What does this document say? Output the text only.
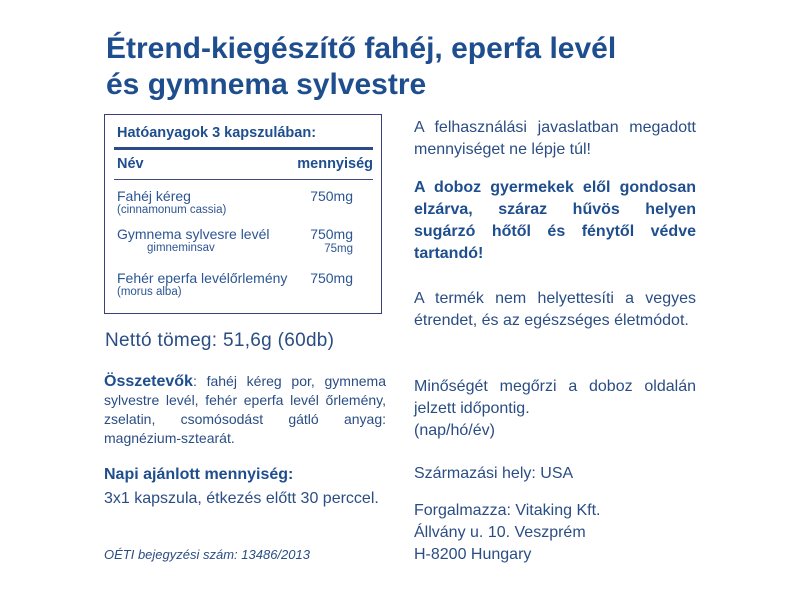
Étrend-kiegészítő fahéj, eperfa levél
és gymnema sylvestre
Hatóanyagok 3 kapszulában:
Név	mennyiség
Fahéj kéreg	750mg
(cinnamonum cassia)
Gymnema sylvesre levél	750mg
gimneminsav	75mg
Fehér eperfa levélőrlemény	750mg
(morus alba)
Nettó tömeg: 51,6g (60db)
Összetevők: fahéj kéreg por, gymnema sylvestre levél, fehér eperfa levél őrlemény, zselatin, csomósodást gátló anyag: magnézium-sztearát.
Napi ajánlott mennyiség:
3x1 kapszula, étkezés előtt 30 perccel.
OÉTI bejegyzési szám: 13486/2013
A felhasználási javaslatban megadott mennyiséget ne lépje túl!
A doboz gyermekek elől gondosan elzárva, száraz hűvös helyen sugárzó hőtől és fénytől védve tartandó!
A termék nem helyettesíti a vegyes étrendet, és az egészséges életmódot.
Minőségét megőrzi a doboz oldalán jelzett időpontig.
(nap/hó/év)
Származási hely: USA
Forgalmazza: Vitaking Kft.
Állvány u. 10. Veszprém
H-8200 Hungary
